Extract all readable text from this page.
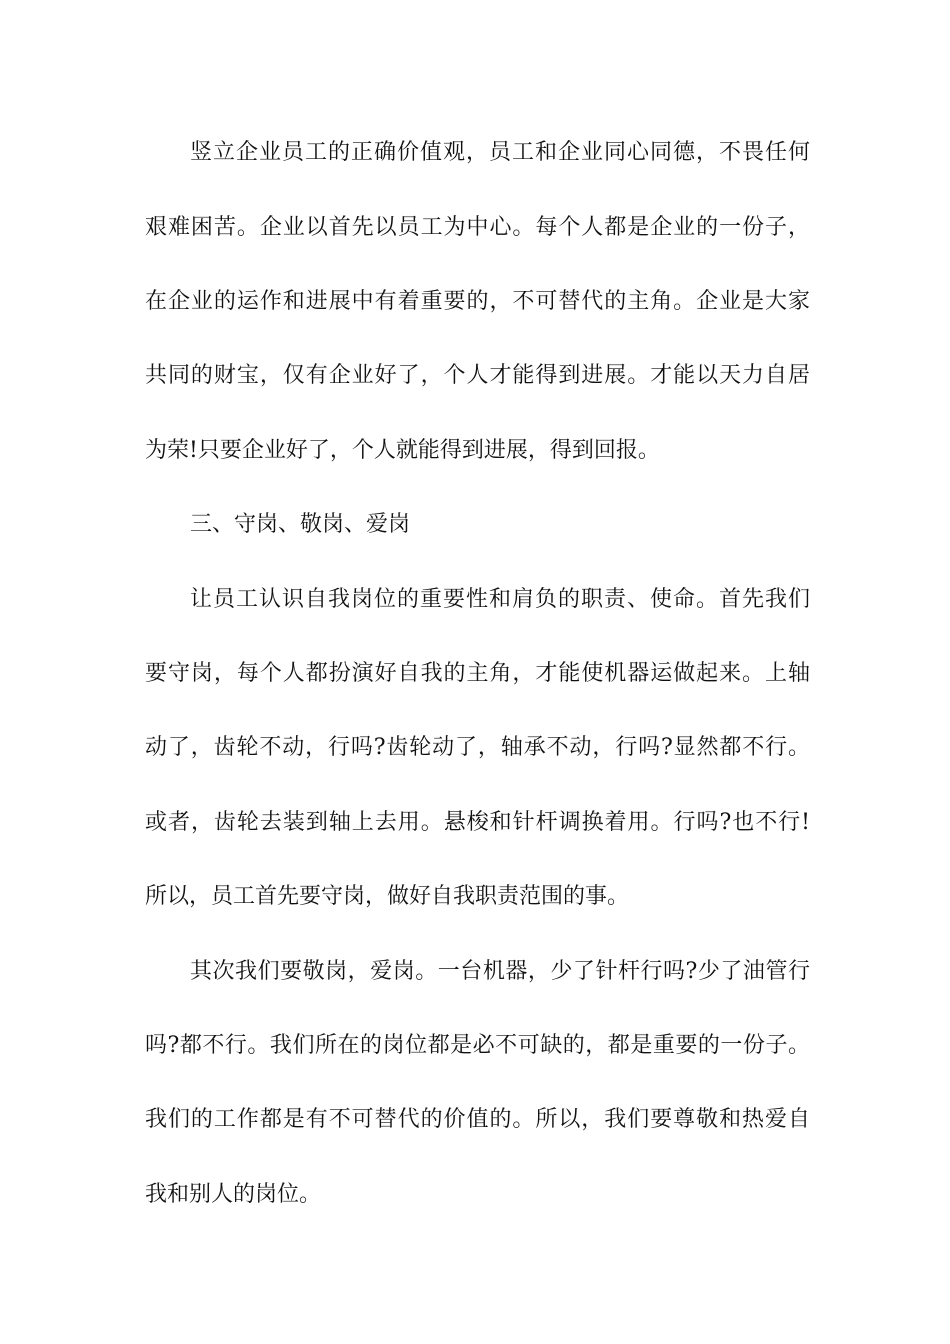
竖立企业员工的正确价值观，员工和企业同心同德，不畏任何
艰难困苦。企业以首先以员工为中心。每个人都是企业的一份子，
在企业的运作和进展中有着重要的，不可替代的主角。企业是大家
共同的财宝，仅有企业好了，个人才能得到进展。才能以天力自居
为荣!只要企业好了，个人就能得到进展，得到回报。
三、守岗、敬岗、爱岗
让员工认识自我岗位的重要性和肩负的职责、使命。首先我们
要守岗，每个人都扮演好自我的主角，才能使机器运做起来。上轴
动了，齿轮不动，行吗?齿轮动了，轴承不动，行吗?显然都不行。
或者，齿轮去装到轴上去用。悬梭和针杆调换着用。行吗?也不行!
所以，员工首先要守岗，做好自我职责范围的事。
其次我们要敬岗，爱岗。一台机器，少了针杆行吗?少了油管行
吗?都不行。我们所在的岗位都是必不可缺的，都是重要的一份子。
我们的工作都是有不可替代的价值的。所以，我们要尊敬和热爱自
我和别人的岗位。
